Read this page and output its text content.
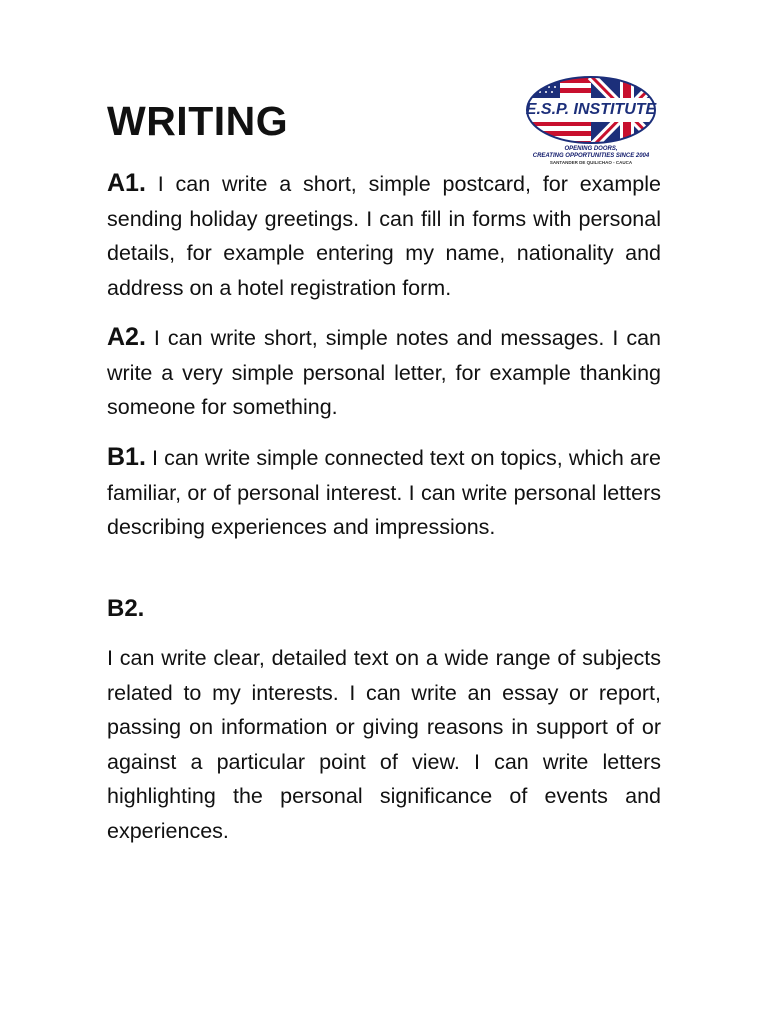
WRITING	E.S.P. INSTITUTE
OPENING DOORS,
CREATING OPPORTUNITIES SINCE 2004
SANTANDER DE QUILICHAO - CAUCA

A1. I can write a short, simple postcard, for example sending holiday greetings. I can fill in forms with personal details, for example entering my name, nationality and address on a hotel registration form.

A2. I can write short, simple notes and messages. I can write a very simple personal letter, for example thanking someone for something.

B1. I can write simple connected text on topics, which are familiar, or of personal interest. I can write personal letters describing experiences and impressions.

B2.

I can write clear, detailed text on a wide range of subjects related to my interests. I can write an essay or report, passing on information or giving reasons in support of or against a particular point of view. I can write letters highlighting the personal significance of events and experiences.
